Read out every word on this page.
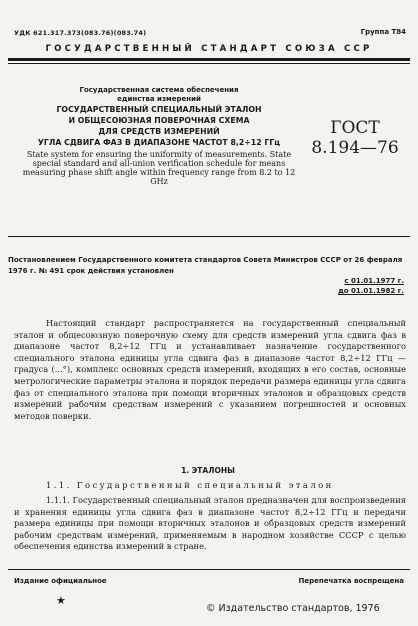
УДК 621.317.373(083.76)(083.74)	Группа Т84
ГОСУДАРСТВЕННЫЙ СТАНДАРТ СОЮЗА ССР
Государственная система обеспечения
единства измерений
ГОСУДАРСТВЕННЫЙ СПЕЦИАЛЬНЫЙ ЭТАЛОН
И ОБЩЕСОЮЗНАЯ ПОВЕРОЧНАЯ СХЕМА
ДЛЯ СРЕДСТВ ИЗМЕРЕНИЙ
УГЛА СДВИГА ФАЗ В ДИАПАЗОНЕ ЧАСТОТ 8,2÷12 ГГц
State system for ensuring the uniformity of measurements. State special standard and all-union verification schedule for means measuring phase shift angle within frequency range from 8.2 to 12 GHz
ГОСТ
8.194—76
Постановлением Государственного комитета стандартов Совета Министров СССР от 26 февраля 1976 г. № 491 срок действия установлен
с 01.01.1977 г.
до 01.01.1982 г.

Настоящий стандарт распространяется на государственный специальный эталон и общесоюзную поверочную схему для средств измерений угла сдвига фаз в диапазоне частот 8,2÷12 ГГц и устанавливает назначение государственного специального эталона единицы угла сдвига фаз в диапазоне частот 8,2÷12 ГГц — градуса (...°), комплекс основных средств измерений, входящих в его состав, основные метрологические параметры эталона и порядок передачи размера единицы угла сдвига фаз от специального эталона при помощи вторичных эталонов и образцовых средств измерений рабочим средствам измерений с указанием погрешностей и основных методов поверки.

1. ЭТАЛОНЫ
1.1. Государственный специальный эталон

1.1.1. Государственный специальный эталон предназначен для воспроизведения и хранения единицы угла сдвига фаз в диапазоне частот 8,2÷12 ГГц и передачи размера единицы при помощи вторичных эталонов и образцовых средств измерений рабочим средствам измерений, применяемым в народном хозяйстве СССР с целью обеспечения единства измерений в стране.

Издание официальное
★
Перепечатка воспрещена
© Издательство стандартов, 1976
